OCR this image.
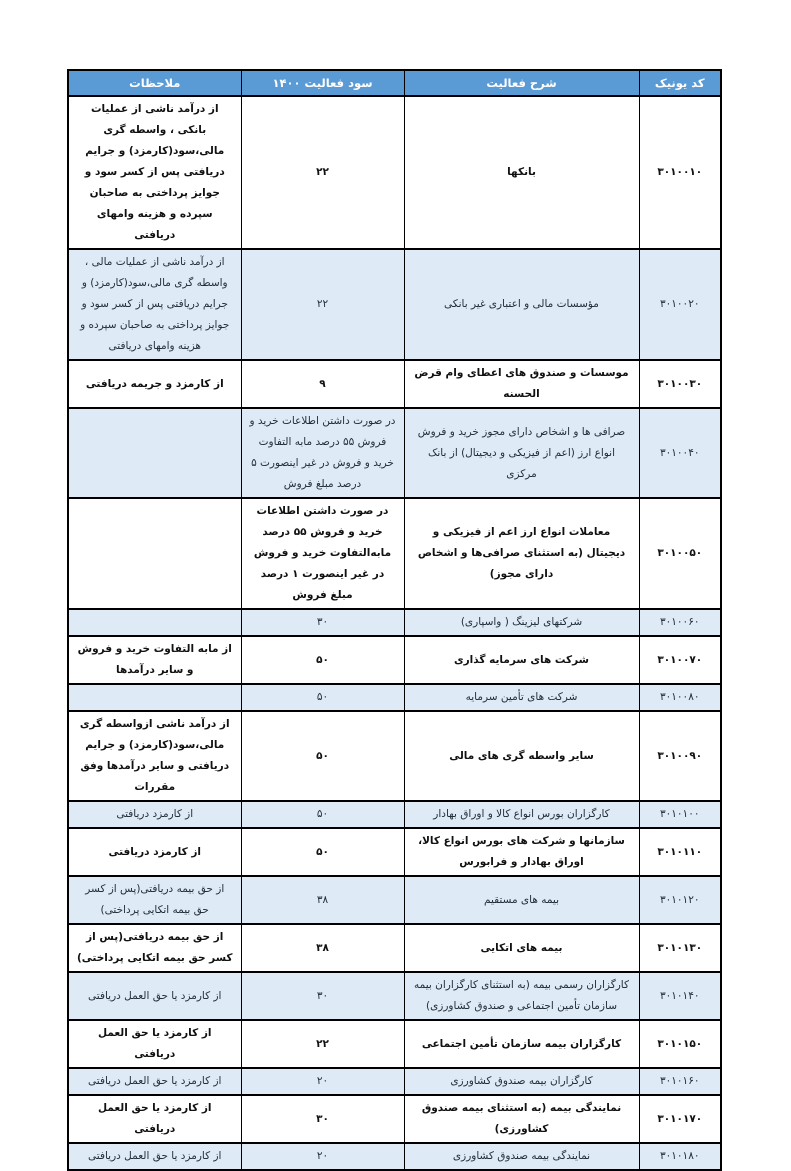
کد یونیک	شرح فعالیت	سود فعالیت ۱۴۰۰	ملاحظات
۳۰۱۰۰۱۰	بانکها	۲۲	از درآمد ناشی از عملیات بانکی ، واسطه گری مالی،سود(کارمزد) و جرایم دریافتی پس از کسر سود و جوایز پرداختی به صاحبان سپرده و هزینه وامهای دریافتی
۳۰۱۰۰۲۰	مؤسسات مالی و اعتباری غیر بانکی	۲۲	از درآمد ناشی از عملیات مالی ، واسطه گری مالی،سود(کارمزد) و جرایم دریافتی پس از کسر سود و جوایز پرداختی به صاحبان سپرده و هزینه وامهای دریافتی
۳۰۱۰۰۳۰	موسسات و صندوق های اعطای وام قرض الحسنه	۹	از کارمزد و جریمه دریافتی
۳۰۱۰۰۴۰	صرافی ها و اشخاص دارای مجوز خرید و فروش انواع ارز (اعم از فیزیکی و دیجیتال) از بانک مرکزی	در صورت داشتن اطلاعات خرید و فروش ۵۵ درصد مابه التفاوت خرید و فروش در غیر اینصورت ۵ درصد مبلغ فروش	
۳۰۱۰۰۵۰	معاملات انواع ارز اعم از فیزیکی و دیجیتال (به استثنای صرافی‌ها و اشخاص دارای مجوز)	در صورت داشتن اطلاعات خرید و فروش ۵۵ درصد مابه‌التفاوت خرید و فروش در غیر اینصورت ۱ درصد مبلغ فروش	
۳۰۱۰۰۶۰	شرکتهای لیزینگ ( واسپاری)	۳۰	
۳۰۱۰۰۷۰	شرکت های سرمایه گذاری	۵۰	از مابه التفاوت خرید و فروش و سایر درآمدها
۳۰۱۰۰۸۰	شرکت های تأمین سرمایه	۵۰	
۳۰۱۰۰۹۰	سایر واسطه گری های مالی	۵۰	از درآمد ناشی ازواسطه گری مالی،سود(کارمزد) و جرایم دریافتی و سایر درآمدها وفق مقررات
۳۰۱۰۱۰۰	کارگزاران بورس انواع کالا و اوراق بهادار	۵۰	از کارمزد دریافتی
۳۰۱۰۱۱۰	سازمانها و شرکت های بورس انواع کالا، اوراق بهادار و فرابورس	۵۰	از کارمزد دریافتی
۳۰۱۰۱۲۰	بیمه های مستقیم	۳۸	از حق بیمه دریافتی(پس از کسر حق بیمه اتکایی پرداختی)
۳۰۱۰۱۳۰	بیمه های اتکایی	۳۸	از حق بیمه دریافتی(پس از کسر حق بیمه اتکایی پرداختی)
۳۰۱۰۱۴۰	کارگزاران رسمی بیمه (به استثنای کارگزاران بیمه سازمان تأمین اجتماعی و صندوق کشاورزی)	۳۰	از کارمزد یا حق العمل دریافتی
۳۰۱۰۱۵۰	کارگزاران بیمه سازمان تأمین اجتماعی	۲۲	از کارمزد یا حق العمل دریافتی
۳۰۱۰۱۶۰	کارگزاران بیمه صندوق کشاورزی	۲۰	از کارمزد یا حق العمل دریافتی
۳۰۱۰۱۷۰	نمایندگی بیمه (به استثنای بیمه صندوق کشاورزی)	۳۰	از کارمزد یا حق العمل دریافتی
۳۰۱۰۱۸۰	نمایندگی بیمه صندوق کشاورزی	۲۰	از کارمزد یا حق العمل دریافتی
